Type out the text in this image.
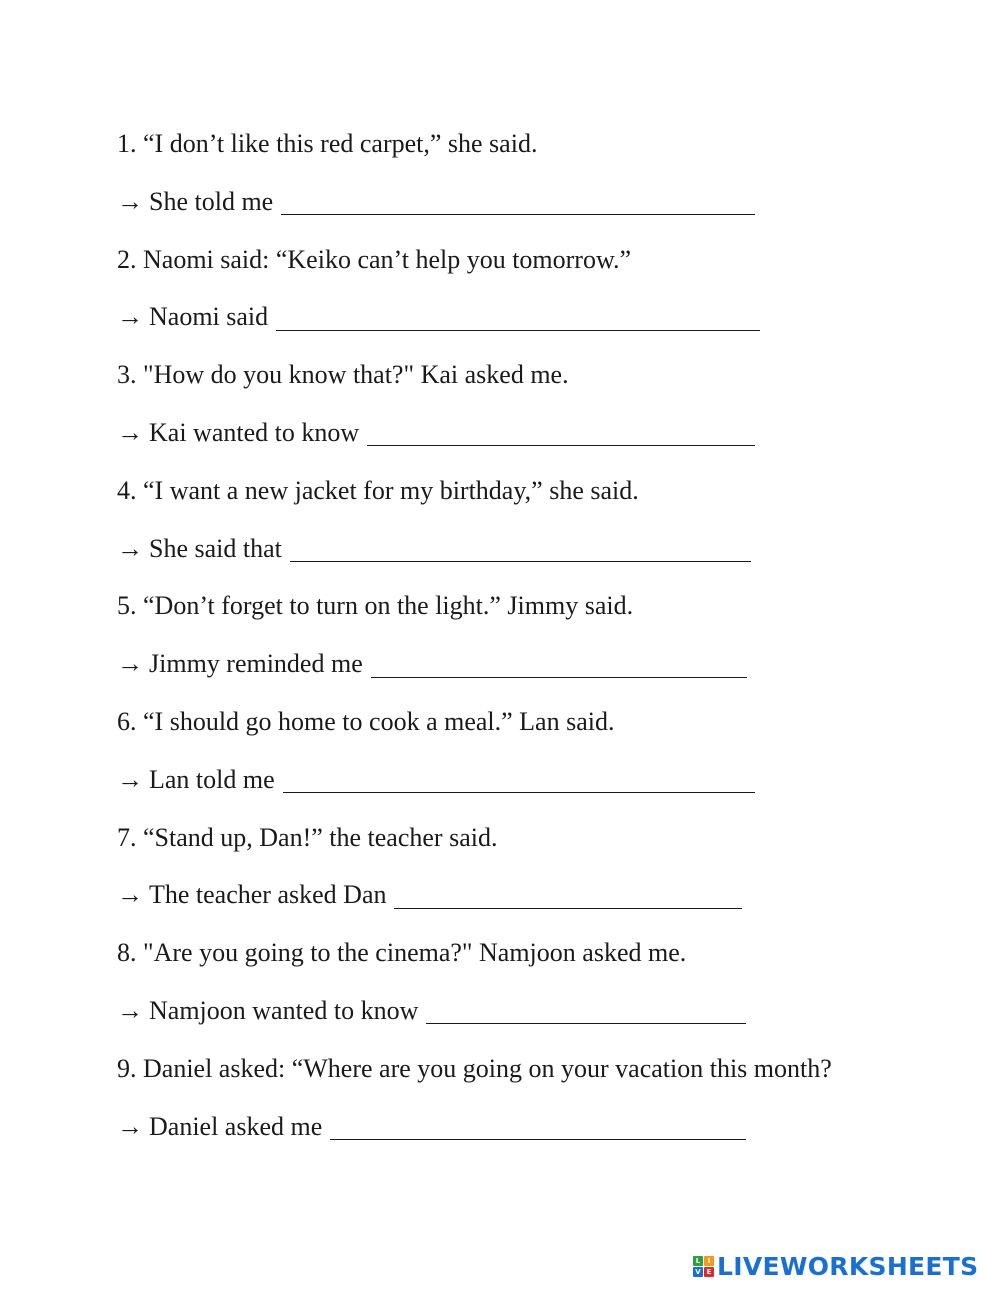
1. “I don’t like this red carpet,” she said.
→ She told me
2. Naomi said: “Keiko can’t help you tomorrow.”
→ Naomi said
3. "How do you know that?" Kai asked me.
→ Kai wanted to know
4. “I want a new jacket for my birthday,” she said.
→ She said that
5. “Don’t forget to turn on the light.” Jimmy said.
→ Jimmy reminded me
6. “I should go home to cook a meal.” Lan said.
→ Lan told me
7. “Stand up, Dan!” the teacher said.
→ The teacher asked Dan
8. "Are you going to the cinema?" Namjoon asked me.
→ Namjoon wanted to know
9. Daniel asked: “Where are you going on your vacation this month?
→ Daniel asked me
L	I
V E LIVEWORKSHEETS
